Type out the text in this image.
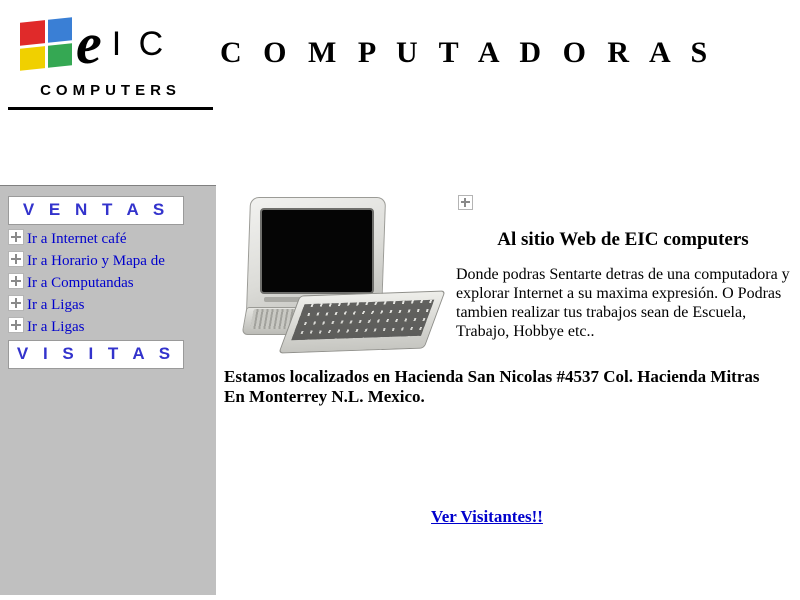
e I C
COMPUTERS
C O M P U T A D O R A S
V E N T A S
Ir a Internet café
Ir a Horario y Mapa de
Ir a Computandas
Ir a Ligas
Ir a Ligas
V I S I T A S
Al sitio Web de EIC computers
Donde podras Sentarte detras de una computadora y explorar Internet a su maxima expresión. O Podras tambien realizar tus trabajos sean de Escuela, Trabajo, Hobbye etc..
Estamos localizados en Hacienda San Nicolas #4537 Col. Hacienda Mitras En Monterrey N.L. Mexico.
Ver Visitantes!!
